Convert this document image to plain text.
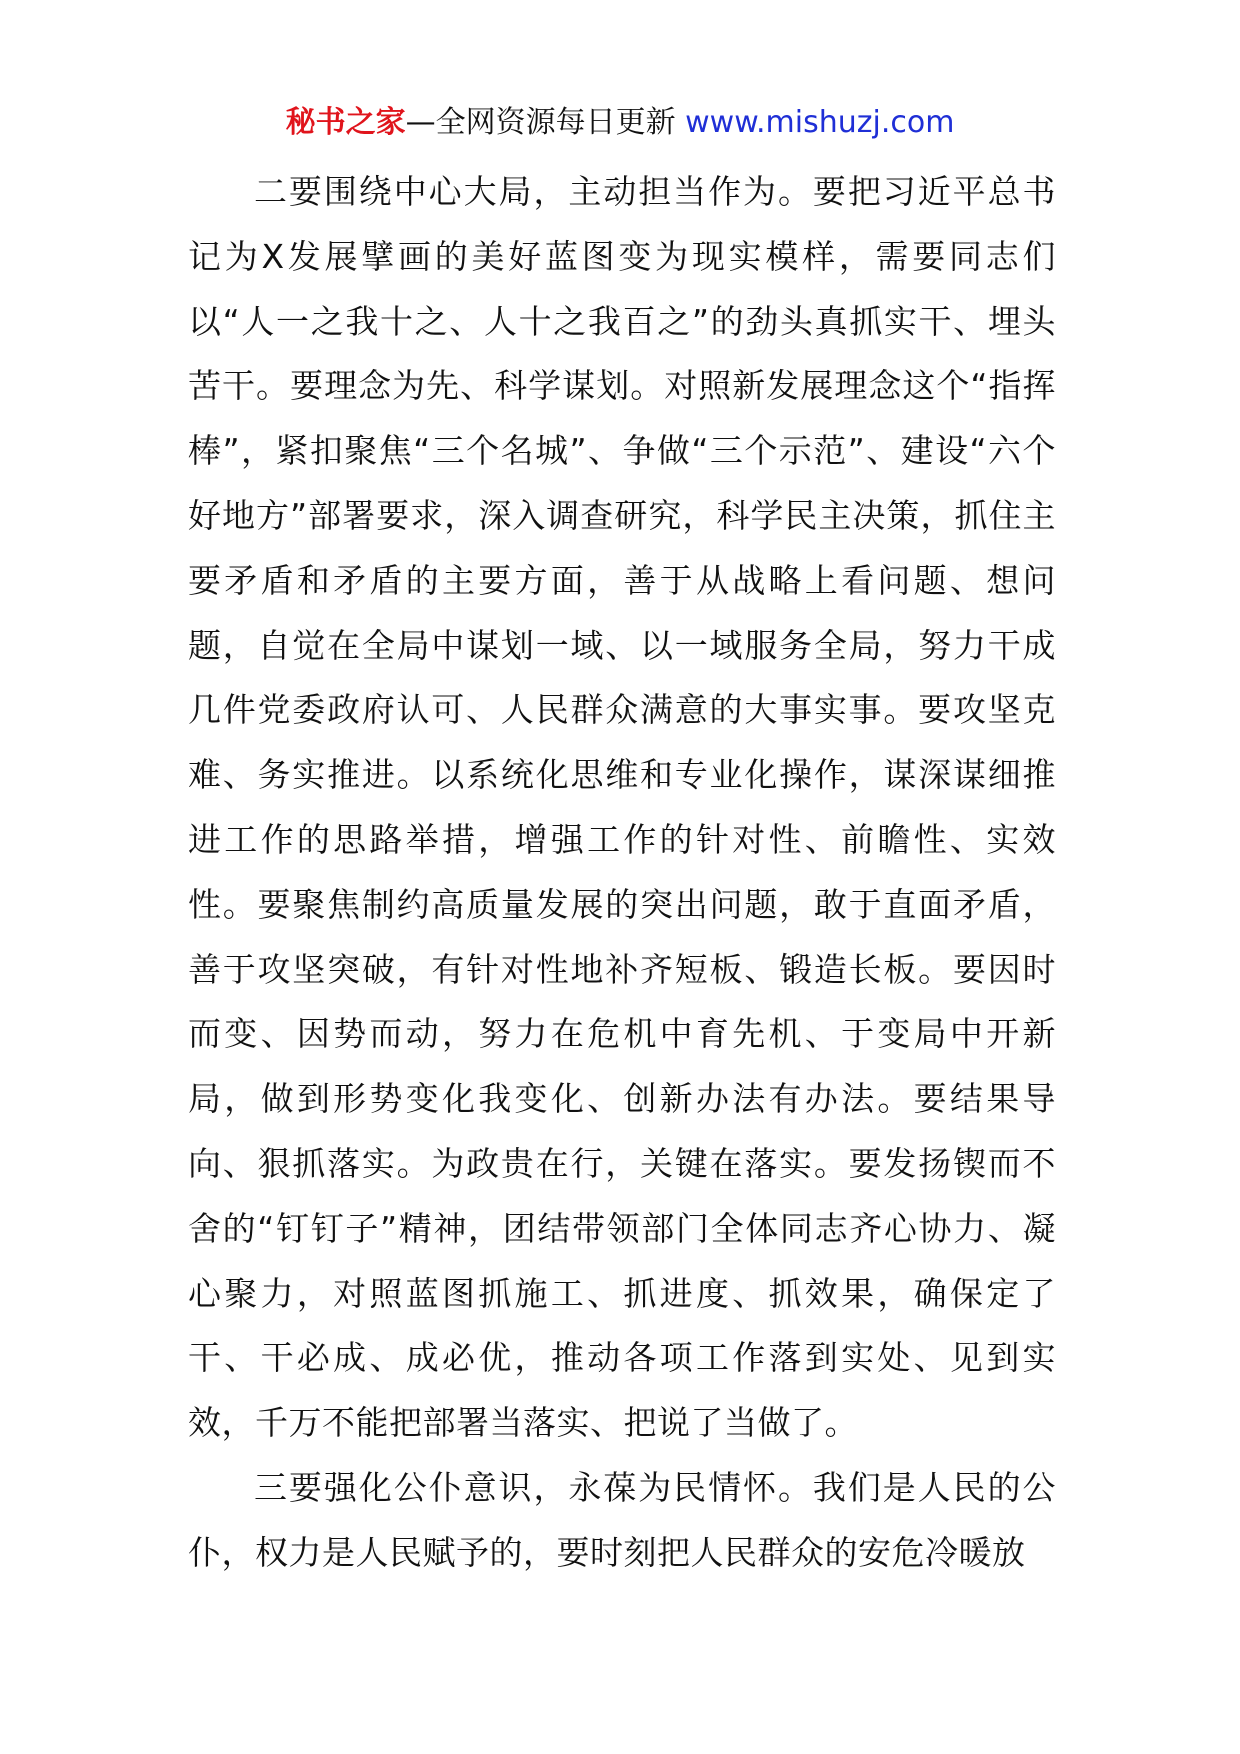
秘书之家—全网资源每日更新 www.mishuzj.com

二要围绕中心大局，主动担当作为。要把习近平总书记为X发展擘画的美好蓝图变为现实模样，需要同志们以“人一之我十之、人十之我百之”的劲头真抓实干、埋头苦干。要理念为先、科学谋划。对照新发展理念这个“指挥棒”，紧扣聚焦“三个名城”、争做“三个示范”、建设“六个好地方”部署要求，深入调查研究，科学民主决策，抓住主要矛盾和矛盾的主要方面，善于从战略上看问题、想问题，自觉在全局中谋划一域、以一域服务全局，努力干成几件党委政府认可、人民群众满意的大事实事。要攻坚克难、务实推进。以系统化思维和专业化操作，谋深谋细推进工作的思路举措，增强工作的针对性、前瞻性、实效性。要聚焦制约高质量发展的突出问题，敢于直面矛盾，善于攻坚突破，有针对性地补齐短板、锻造长板。要因时而变、因势而动，努力在危机中育先机、于变局中开新局，做到形势变化我变化、创新办法有办法。要结果导向、狠抓落实。为政贵在行，关键在落实。要发扬锲而不舍的“钉钉子”精神，团结带领部门全体同志齐心协力、凝心聚力，对照蓝图抓施工、抓进度、抓效果，确保定了干、干必成、成必优，推动各项工作落到实处、见到实效，千万不能把部署当落实、把说了当做了。

三要强化公仆意识，永葆为民情怀。我们是人民的公仆，权力是人民赋予的，要时刻把人民群众的安危冷暖放
